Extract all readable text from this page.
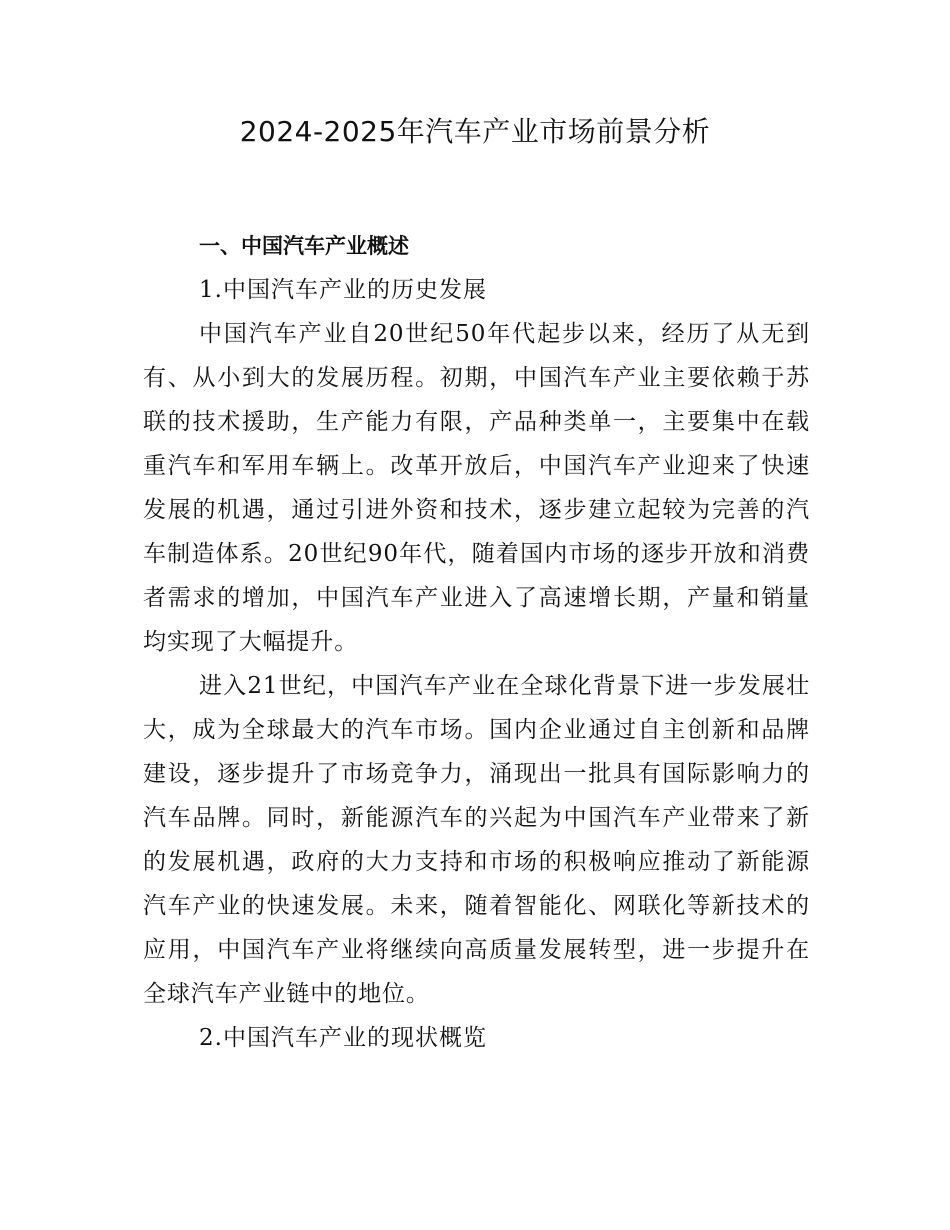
2024-2025年汽车产业市场前景分析
一、中国汽车产业概述
1.中国汽车产业的历史发展

中国汽车产业自20世纪50年代起步以来，经历了从无到有、从小到大的发展历程。初期，中国汽车产业主要依赖于苏联的技术援助，生产能力有限，产品种类单一，主要集中在载重汽车和军用车辆上。改革开放后，中国汽车产业迎来了快速发展的机遇，通过引进外资和技术，逐步建立起较为完善的汽车制造体系。20世纪90年代，随着国内市场的逐步开放和消费者需求的增加，中国汽车产业进入了高速增长期，产量和销量均实现了大幅提升。

进入21世纪，中国汽车产业在全球化背景下进一步发展壮大，成为全球最大的汽车市场。国内企业通过自主创新和品牌建设，逐步提升了市场竞争力，涌现出一批具有国际影响力的汽车品牌。同时，新能源汽车的兴起为中国汽车产业带来了新的发展机遇，政府的大力支持和市场的积极响应推动了新能源汽车产业的快速发展。未来，随着智能化、网联化等新技术的应用，中国汽车产业将继续向高质量发展转型，进一步提升在全球汽车产业链中的地位。

2.中国汽车产业的现状概览
